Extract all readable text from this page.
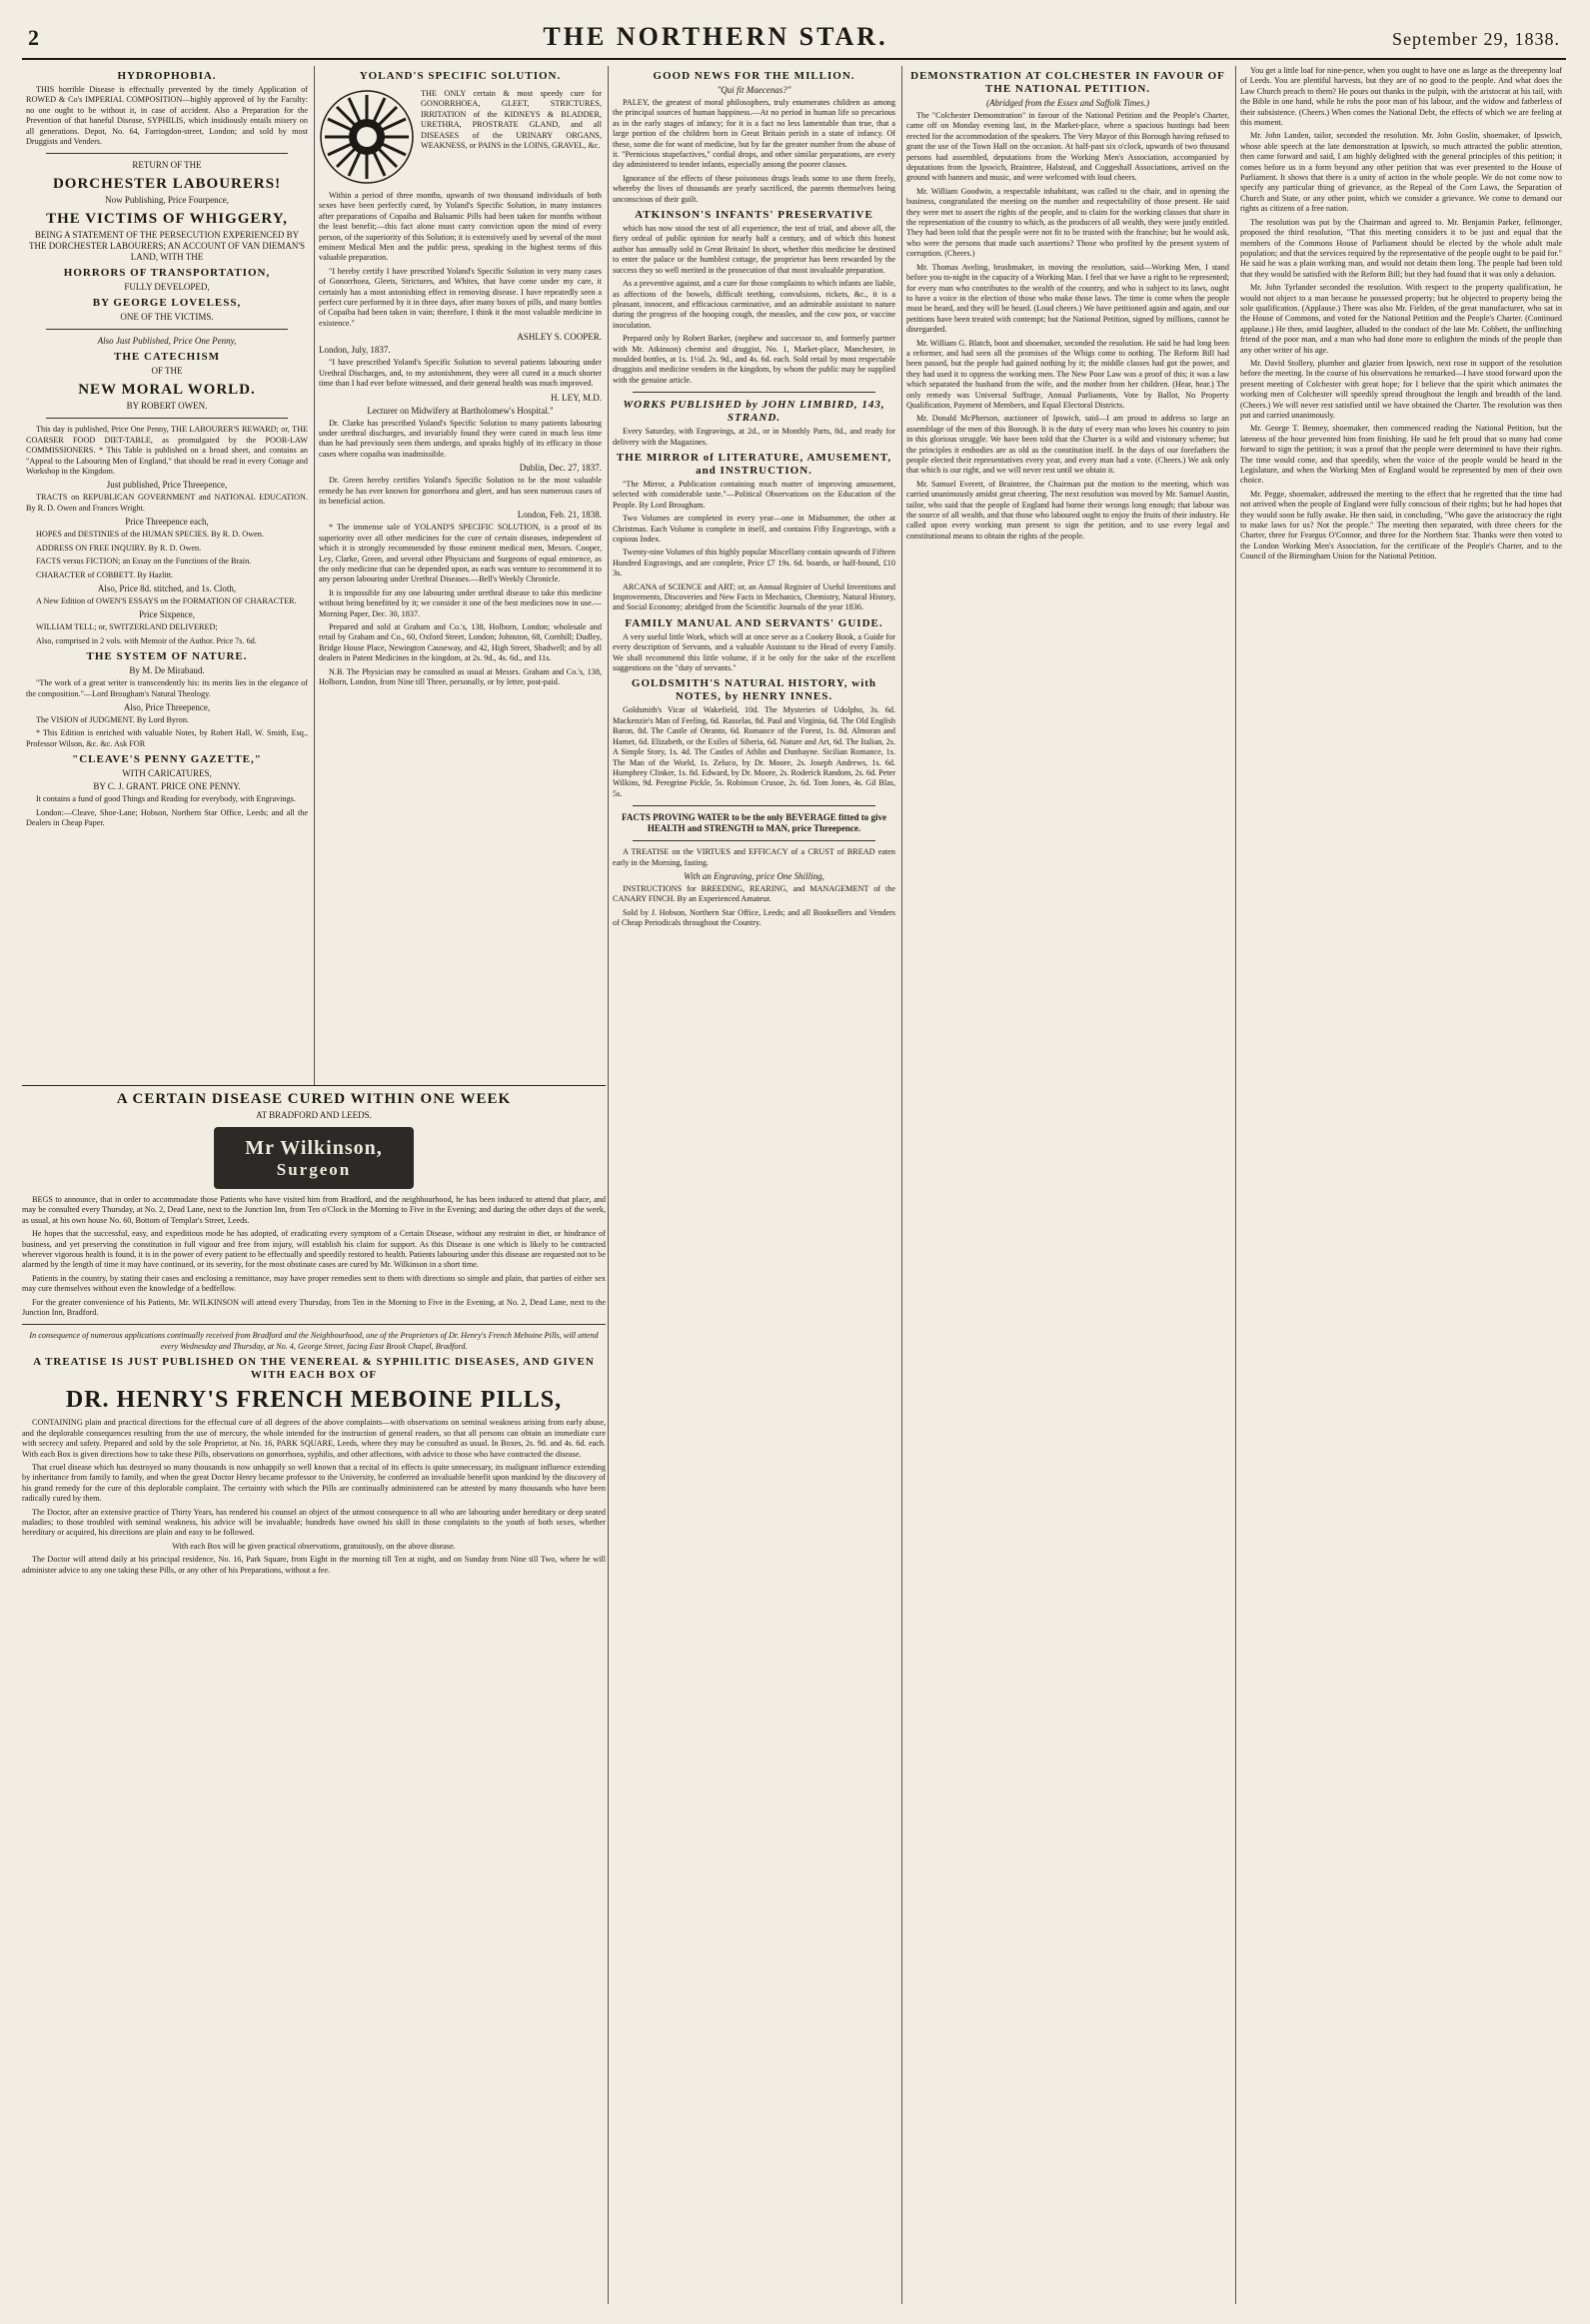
2	THE NORTHERN STAR.	September 29, 1838.
HYDROPHOBIA.

THIS horrible Disease is effectually prevented by the timely Application of ROWED & Co's IMPERIAL COMPOSITION—highly approved of by the Faculty: no one ought to be without it, in case of accident. Also a Preparation for the Prevention of that baneful Disease, SYPHILIS, which insidiously entails misery on all generations. Depot, No. 64, Farringdon-street, London; and sold by most Druggists and Venders.

RETURN OF THE
DORCHESTER LABOURERS!
Now Publishing, Price Fourpence,
THE VICTIMS OF WHIGGERY,
BEING A STATEMENT OF THE PERSECUTION EXPERIENCED BY THE DORCHESTER LABOURERS; AN ACCOUNT OF VAN DIEMAN'S LAND, WITH THE
HORRORS OF TRANSPORTATION,
FULLY DEVELOPED,
BY GEORGE LOVELESS,
ONE OF THE VICTIMS.
Also Just Published, Price One Penny,
THE CATECHISM
OF THE
NEW MORAL WORLD.
BY ROBERT OWEN.

This day is published, Price One Penny, THE LABOURER'S REWARD; or, THE COARSER FOOD DIET-TABLE, as promulgated by the POOR-LAW COMMISSIONERS. * This Table is published on a broad sheet, and contains an "Appeal to the Labouring Men of England," that should be read in every Cottage and Workshop in the Kingdom.

Just published, Price Threepence,

TRACTS on REPUBLICAN GOVERNMENT and NATIONAL EDUCATION. By R. D. Owen and Frances Wright.

Price Threepence each,

HOPES and DESTINIES of the HUMAN SPECIES. By R. D. Owen.

ADDRESS ON FREE INQUIRY. By R. D. Owen.

FACTS versus FICTION; an Essay on the Functions of the Brain.

CHARACTER of COBBETT. By Hazlitt.

Also, Price 8d. stitched, and 1s. Cloth,

A New Edition of OWEN'S ESSAYS on the FORMATION OF CHARACTER.

Price Sixpence,

WILLIAM TELL; or, SWITZERLAND DELIVERED;

Also, comprised in 2 vols. with Memoir of the Author. Price 7s. 6d.

THE SYSTEM OF NATURE.
By M. De Mirabaud.

"The work of a great writer is transcendently his: its merits lies in the elegance of the composition."—Lord Brougham's Natural Theology.

Also, Price Threepence,

The VISION of JUDGMENT. By Lord Byron.

* This Edition is enriched with valuable Notes, by Robert Hall, W. Smith, Esq., Professor Wilson, &c. &c. Ask FOR

"CLEAVE'S PENNY GAZETTE,"
WITH CARICATURES,
BY C. J. GRANT. PRICE ONE PENNY.

It contains a fund of good Things and Reading for everybody, with Engravings.

London:—Cleave, Shoe-Lane; Hobson, Northern Star Office, Leeds; and all the Dealers in Cheap Paper.

YOLAND'S SPECIFIC SOLUTION.

THE ONLY certain & most speedy cure for GONORRHOEA, GLEET, STRICTURES, IRRITATION of the KIDNEYS & BLADDER, URETHRA, PROSTRATE GLAND, and all DISEASES of the URINARY ORGANS, WEAKNESS, or PAINS in the LOINS, GRAVEL, &c.

Within a period of three months, upwards of two thousand individuals of both sexes have been perfectly cured, by Yoland's Specific Solution, in many instances after preparations of Copaiba and Balsamic Pills had been taken for months without the least benefit;—this fact alone must carry conviction upon the mind of every person, of the superiority of this Solution; it is extensively used by several of the most eminent Medical Men and the public press, speaking in the highest terms of this valuable preparation.

"I hereby certify I have prescribed Yoland's Specific Solution in very many cases of Gonorrhoea, Gleets, Strictures, and Whites, that have come under my care, it certainly has a most astonishing effect in removing disease. I have repeatedly seen a perfect cure performed by it in three days, after many boxes of pills, and many bottles of Copaiba had been taken in vain; therefore, I think it the most valuable medicine in existence."

ASHLEY S. COOPER.
London, July, 1837.

"I have prescribed Yoland's Specific Solution to several patients labouring under Urethral Discharges, and, to my astonishment, they were all cured in a much shorter time than I had ever before witnessed, and their general health was much improved.

H. LEY, M.D.
Lecturer on Midwifery at Bartholomew's Hospital."

Dr. Clarke has prescribed Yoland's Specific Solution to many patients labouring under urethral discharges, and invariably found they were cured in much less time than he had previously seen them undergo, and speaks highly of its efficacy in those cases where copaiba was inadmissible.

Dublin, Dec. 27, 1837.

Dr. Green hereby certifies Yoland's Specific Solution to be the most valuable remedy he has ever known for gonorrhoea and gleet, and has seen numerous cases of its beneficial action.

London, Feb. 21, 1838.

* The immense sale of YOLAND'S SPECIFIC SOLUTION, is a proof of its superiority over all other medicines for the cure of certain diseases, independent of which it is strongly recommended by those eminent medical men, Messrs. Cooper, Ley, Clarke, Green, and several other Physicians and Surgeons of equal eminence, as the only medicine that can be depended upon, as each was venture to recommend it to any person labouring under Urethral Diseases.—Bell's Weekly Chronicle.

It is impossible for any one labouring under urethral disease to take this medicine without being benefitted by it; we consider it one of the best medicines now in use.—Morning Paper, Dec. 30, 1837.

Prepared and sold at Graham and Co.'s, 138, Holborn, London; wholesale and retail by Graham and Co., 60, Oxford Street, London; Johnston, 68, Cornhill; Dudley, Bridge House Place, Newington Causeway, and 42, High Street, Shadwell; and by all dealers in Patent Medicines in the kingdom, at 2s. 9d., 4s. 6d., and 11s.

N.B. The Physician may be consulted as usual at Messrs. Graham and Co.'s, 138, Holborn, London, from Nine till Three, personally, or by letter, post-paid.

GOOD NEWS FOR THE MILLION.
"Qui fit Maecenas?"

PALEY, the greatest of moral philosophers, truly enumerates children as among the principal sources of human happiness.—At no period in human life so precarious as in the early stages of infancy; for it is a fact no less lamentable than true, that a large portion of the children born in Great Britain perish in a state of infancy. Of these, some die for want of medicine, but by far the greater number from the abuse of it. "Pernicious stupefactives," cordial drops, and other similar preparations, are every day administered to tender infants, especially among the poorer classes.

Ignorance of the effects of these poisonous drugs leads some to use them freely, whereby the lives of thousands are yearly sacrificed, the parents themselves being unconscious of their guilt.

ATKINSON'S INFANTS' PRESERVATIVE

which has now stood the test of all experience, the test of trial, and above all, the fiery ordeal of public opinion for nearly half a century, and of which this honest author has annually sold in Great Britain! In short, whether this medicine be destined to enter the palace or the humblest cottage, the proprietor has been rewarded by the success they so well merited in the prosecution of that most invaluable preparation.

As a preventive against, and a cure for those complaints to which infants are liable, as affections of the bowels, difficult teething, convulsions, rickets, &c., it is a pleasant, innocent, and efficacious carminative, and an admirable assistant to nature during the progress of the hooping cough, the measles, and the cow pox, or vaccine inoculation.

Prepared only by Robert Barker, (nephew and successor to, and formerly partner with Mr. Atkinson) chemist and druggist, No. 1, Market-place, Manchester, in moulded bottles, at 1s. 1½d. 2s. 9d., and 4s. 6d. each. Sold retail by most respectable druggists and medicine venders in the kingdom, by whom the public may be supplied with the genuine article.

WORKS PUBLISHED by JOHN LIMBIRD, 143, STRAND.

Every Saturday, with Engravings, at 2d., or in Monthly Parts, 8d., and ready for delivery with the Magazines.

THE MIRROR of LITERATURE, AMUSEMENT, and INSTRUCTION.

"The Mirror, a Publication containing much matter of improving amusement, selected with considerable taste."—Political Observations on the Education of the People. By Lord Brougham.

Two Volumes are completed in every year—one in Midsummer, the other at Christmas. Each Volume is complete in itself, and contains Fifty Engravings, with a copious Index.

Twenty-nine Volumes of this highly popular Miscellany contain upwards of Fifteen Hundred Engravings, and are complete, Price £7 19s. 6d. boards, or half-bound, £10 3s.

ARCANA of SCIENCE and ART; or, an Annual Register of Useful Inventions and Improvements, Discoveries and New Facts in Mechanics, Chemistry, Natural History, and Social Economy; abridged from the Scientific Journals of the year 1836.

FAMILY MANUAL AND SERVANTS' GUIDE.

A very useful little Work, which will at once serve as a Cookery Book, a Guide for every description of Servants, and a valuable Assistant to the Head of every Family. We shall recommend this little volume, if it be only for the sake of the excellent suggestions on the "duty of servants."

GOLDSMITH'S NATURAL HISTORY, with NOTES, by HENRY INNES.

Goldsmith's Vicar of Wakefield, 10d. The Mysteries of Udolpho, 3s. 6d. Mackenzie's Man of Feeling, 6d. Rasselas, 8d. Paul and Virginia, 6d. The Old English Baron, 8d. The Castle of Otranto, 6d. Romance of the Forest, 1s. 8d. Almoran and Hamet, 6d. Elizabeth, or the Exiles of Siberia, 6d. Nature and Art, 6d. The Italian, 2s. A Simple Story, 1s. 4d. The Castles of Athlin and Dunbayne. Sicilian Romance, 1s. The Man of the World, 1s. Zeluco, by Dr. Moore, 2s. Joseph Andrews, 1s. 6d. Humphrey Clinker, 1s. 8d. Edward, by Dr. Moore, 2s. Roderick Random, 2s. 6d. Peter Wilkins, 9d. Peregrine Pickle, 5s. Robinson Crusoe, 2s. 6d. Tom Jones, 4s. Gil Blas, 5s.

FACTS PROVING WATER to be the only BEVERAGE fitted to give HEALTH and STRENGTH to MAN, price Threepence.

A TREATISE on the VIRTUES and EFFICACY of a CRUST of BREAD eaten early in the Morning, fasting.

With an Engraving, price One Shilling,

INSTRUCTIONS for BREEDING, REARING, and MANAGEMENT of the CANARY FINCH. By an Experienced Amateur.

Sold by J. Hobson, Northern Star Office, Leeds; and all Booksellers and Venders of Cheap Periodicals throughout the Country.

A CERTAIN DISEASE CURED WITHIN ONE WEEK
AT BRADFORD AND LEEDS.
Mr Wilkinson,
Surgeon

BEGS to announce, that in order to accommodate those Patients who have visited him from Bradford, and the neighbourhood, he has been induced to attend that place, and may be consulted every Thursday, at No. 2, Dead Lane, next to the Junction Inn, from Ten o'Clock in the Morning to Five in the Evening; and during the other days of the week, as usual, at his own house No. 60, Bottom of Templar's Street, Leeds.

He hopes that the successful, easy, and expeditious mode he has adopted, of eradicating every symptom of a Certain Disease, without any restraint in diet, or hindrance of business, and yet preserving the constitution in full vigour and free from injury, will establish his claim for support. As this Disease is one which is likely to be contracted wherever vigorous health is found, it is in the power of every patient to be effectually and speedily restored to health. Patients labouring under this disease are requested not to be alarmed by the length of time it may have continued, or its severity, for the most obstinate cases are cured by Mr. Wilkinson in a short time.

Patients in the country, by stating their cases and enclosing a remittance, may have proper remedies sent to them with directions so simple and plain, that parties of either sex may cure themselves without even the knowledge of a bedfellow.

For the greater convenience of his Patients, Mr. WILKINSON will attend every Thursday, from Ten in the Morning to Five in the Evening, at No. 2, Dead Lane, next to the Junction Inn, Bradford.

In consequence of numerous applications continually received from Bradford and the Neighbourhood, one of the Proprietors of Dr. Henry's French Meboine Pills, will attend every Wednesday and Thursday, at No. 4, George Street, facing East Brook Chapel, Bradford.

A TREATISE IS JUST PUBLISHED ON THE VENEREAL & SYPHILITIC DISEASES, AND GIVEN WITH EACH BOX OF
DR. HENRY'S FRENCH MEBOINE PILLS,

CONTAINING plain and practical directions for the effectual cure of all degrees of the above complaints—with observations on seminal weakness arising from early abuse, and the deplorable consequences resulting from the use of mercury, the whole intended for the instruction of general readers, so that all persons can obtain an immediate cure with secrecy and safety. Prepared and sold by the sole Proprietor, at No. 16, PARK SQUARE, Leeds, where they may be consulted as usual. In Boxes, 2s. 9d. and 4s. 6d. each. With each Box is given directions how to take these Pills, observations on gonorrhoea, syphilis, and other affections, with advice to those who have contracted the disease.

That cruel disease which has destroyed so many thousands is now unhappily so well known that a recital of its effects is quite unnecessary, its malignant influence extending by inheritance from family to family, and when the great Doctor Henry became professor to the University, he conferred an invaluable benefit upon mankind by the discovery of his grand remedy for the cure of this deplorable complaint. The certainty with which the Pills are continually administered can be attested by many thousands who have been radically cured by them.

The Doctor, after an extensive practice of Thirty Years, has rendered his counsel an object of the utmost consequence to all who are labouring under hereditary or deep seated maladies; to those troubled with seminal weakness, his advice will be invaluable; hundreds have owned his skill in those complaints to the youth of both sexes, whether hereditary or acquired, his directions are plain and easy to be followed.

With each Box will be given practical observations, gratuitously, on the above disease.

The Doctor will attend daily at his principal residence, No. 16, Park Square, from Eight in the morning till Ten at night, and on Sunday from Nine till Two, where he will administer advice to any one taking these Pills, or any other of his Preparations, without a fee.

DEMONSTRATION AT COLCHESTER IN FAVOUR OF THE NATIONAL PETITION.
(Abridged from the Essex and Suffolk Times.)

The "Colchester Demonstration" in favour of the National Petition and the People's Charter, came off on Monday evening last, in the Market-place, where a spacious hustings had been erected for the accommodation of the speakers. The Very Mayor of this Borough having refused to grant the use of the Town Hall on the occasion. At half-past six o'clock, upwards of two thousand persons had assembled, deputations from the Working Men's Association, accompanied by deputations from the Ipswich, Braintree, Halstead, and Coggeshall Associations, arrived on the ground with banners and music, and were welcomed with loud cheers.

Mr. William Goodwin, a respectable inhabitant, was called to the chair, and in opening the business, congratulated the meeting on the number and respectability of those present. He said they were met to assert the rights of the people, and to claim for the working classes that share in the representation of the country to which, as the producers of all wealth, they were justly entitled. They had been told that the people were not fit to be trusted with the franchise; but he would ask, who were the persons that made such assertions? Those who profited by the present system of corruption. (Cheers.)

Mr. Thomas Aveling, brushmaker, in moving the resolution, said—Working Men, I stand before you to-night in the capacity of a Working Man. I feel that we have a right to be represented; for every man who contributes to the wealth of the country, and who is subject to its laws, ought to have a voice in the election of those who make those laws. The time is come when the people must be heard, and they will be heard. (Loud cheers.) We have petitioned again and again, and our petitions have been treated with contempt; but the National Petition, signed by millions, cannot be disregarded.

Mr. William G. Blatch, boot and shoemaker, seconded the resolution. He said he had long been a reformer, and had seen all the promises of the Whigs come to nothing. The Reform Bill had been passed, but the people had gained nothing by it; the middle classes had got the power, and they had used it to oppress the working men. The New Poor Law was a proof of this; it was a law which separated the husband from the wife, and the mother from her children. (Hear, hear.) The only remedy was Universal Suffrage, Annual Parliaments, Vote by Ballot, No Property Qualification, Payment of Members, and Equal Electoral Districts.

Mr. Donald McPherson, auctioneer of Ipswich, said—I am proud to address so large an assemblage of the men of this Borough. It is the duty of every man who loves his country to join in this glorious struggle. We have been told that the Charter is a wild and visionary scheme; but the principles it embodies are as old as the constitution itself. In the days of our forefathers the people elected their representatives every year, and every man had a vote. (Cheers.) We ask only that which is our right, and we will never rest until we obtain it.

Mr. Samuel Everett, of Braintree, the Chairman put the motion to the meeting, which was carried unanimously amidst great cheering. The next resolution was moved by Mr. Samuel Austin, tailor, who said that the people of England had borne their wrongs long enough; that labour was the source of all wealth, and that those who laboured ought to enjoy the fruits of their industry. He called upon every working man present to sign the petition, and to use every legal and constitutional means to obtain the rights of the people.

You get a little loaf for nine-pence, when you ought to have one as large as the threepenny loaf of Leeds. You are plentiful harvests, but they are of no good to the people. And what does the Law Church preach to them? He pours out thanks in the pulpit, with the aristocrat at his tail, with the Bible in one hand, while he robs the poor man of his labour, and the widow and fatherless of their subsistence. (Cheers.) When comes the National Debt, the effects of which we are feeling at this moment.

Mr. John Landen, tailor, seconded the resolution. Mr. John Goslin, shoemaker, of Ipswich, whose able speech at the late demonstration at Ipswich, so much attracted the public attention, then came forward and said, I am highly delighted with the general principles of this petition; it comes before us in a form beyond any other petition that was ever presented to the House of Parliament. It shows that there is a unity of action in the whole people. We do not come now to specify any particular thing of grievance, as the Repeal of the Corn Laws, the Separation of Church and State, or any other point, which we consider a grievance. We come to demand our rights as citizens of a free nation.

The resolution was put by the Chairman and agreed to. Mr. Benjamin Parker, fellmonger, proposed the third resolution, "That this meeting considers it to be just and equal that the members of the Commons House of Parliament should be elected by the whole adult male population; and that the services required by the representative of the people ought to be paid for." He said he was a plain working man, and would not detain them long. The people had been told that they would be satisfied with the Reform Bill; but they had found that it was only a delusion.

Mr. John Tyrlander seconded the resolution. With respect to the property qualification, he would not object to a man because he possessed property; but he objected to property being the sole qualification. (Applause.) There was also Mr. Fielden, of the great manufacturer, who sat in the House of Commons, and voted for the National Petition and the People's Charter. (Continued applause.) He then, amid laughter, alluded to the conduct of the late Mr. Cobbett, the unflinching friend of the poor man, and a man who had done more to enlighten the minds of the people than any other writer of his age.

Mr. David Stollery, plumber and glazier from Ipswich, next rose in support of the resolution before the meeting. In the course of his observations he remarked—I have stood forward upon the present meeting of Colchester with great hope; for I believe that the spirit which animates the working men of Colchester will speedily spread throughout the length and breadth of the land. (Cheers.) We will never rest satisfied until we have obtained the Charter. The resolution was then put and carried unanimously.

Mr. George T. Benney, shoemaker, then commenced reading the National Petition, but the lateness of the hour prevented him from finishing. He said he felt proud that so many had come forward to sign the petition; it was a proof that the people were determined to have their rights. The time would come, and that speedily, when the voice of the people would be heard in the Legislature, and when the Working Men of England would be represented by men of their own choice.

Mr. Pegge, shoemaker, addressed the meeting to the effect that he regretted that the time had not arrived when the people of England were fully conscious of their rights; but he had hopes that they would soon be fully awake. He then said, in concluding, "Who gave the aristocracy the right to make laws for us? Not the people." The meeting then separated, with three cheers for the Charter, three for Feargus O'Connor, and three for the Northern Star. Thanks were then voted to the London Working Men's Association, for the certificate of the People's Charter, and to the Council of the Birmingham Union for the National Petition.
